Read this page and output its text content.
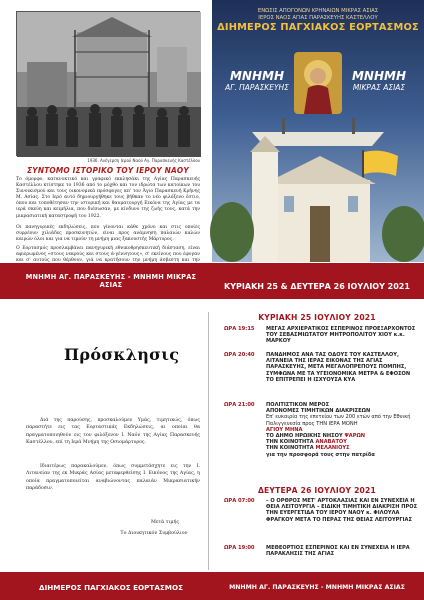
1936. Ανέγερση Ιερού Ναού Αγ. Παρασκευής Καστέλλου
ΣΥΝΤΟΜΟ ΙΣΤΟΡΙΚΟ ΤΟΥ ΙΕΡΟΥ ΝΑΟΥ
Το όμορφο, κατανυκτικό και γραφικό εκκλησάκι της Αγίας Παρασκευής Καστέλλου κτίστηκε το 1936 από το μόχθο και τον ιδρώτα των κατοίκων του Συνοικισμού και τους οικονομικά πρόσφυγες απ' τον Άγιο Παρασκευή Κρήνης Μ. Ασίας. Στο Ιερό αυτό δημιουργήθηκε τους βήθκαν το νέο φιλόξενο έστιο, όπου και τοποθέτησαν την ιστορική και θαυματουργή Εικόνα της Αγίας με τα ιερά σκεύη και κειμήλια, που διέσωσαν, με κίνδυνο της ζωής τους, κατά την μικρασιατική καταστροφή του 1922.
Οι πανηγυρικές εκδηλώσεις, που γίνονται κάθε χρόνο και στις οποίες συρρέουν χιλιάδες προσκυνητών, είναι προς ανάμνηση παλαιών καλών καιρών όλοι και για να τιμούν τη μνήμη μιας ξακουστής Μάρτυρος.
Ο Εορτασμός προσλαμβάνει πανηγυρική εθνικοθρησκευτική διάσταση, είναι αφιερωμένος «στους νεκρούς και στους ά-γέννητους», σ' εκείνους που έφυγαν και σ' αυτούς που θέρθουν, γιά να κρατήσουν την μνήμη άσβεστη και την
ΕΝΩΣΙΣ ΑΠΟΓΟΝΩΝ ΚΡΗΝΑΙΩΝ ΜΙΚΡΑΣ ΑΣΙΑΣ
ΙΕΡΟΣ ΝΑΟΣ ΑΓΙΑΣ ΠΑΡΑΣΚΕΥΗΣ ΚΑΣΤΕΛΛΟΥ
ΔΙΗΜΕΡΟΣ ΠΑΓΧΙΑΚΟΣ ΕΟΡΤΑΣΜΟΣ
ΜΝΗΜΗ
ΑΓ. ΠΑΡΑΣΚΕΥΗΣ
ΜΝΗΜΗ
ΜΙΚΡΑΣ ΑΣΙΑΣ
ΜΝΗΜΗ ΑΓ. ΠΑΡΑΣΚΕΥΗΣ - ΜΝΗΜΗ ΜΙΚΡΑΣ ΑΣΙΑΣ	ΚΥΡΙΑΚΗ 25 & ΔΕΥΤΕΡΑ 26 ΙΟΥΛΙΟΥ 2021
Πρόσκλησις
Διά της παρούσης, προσκαλούμεν Υμάς, τιμητικώς, όπως παραστήτε εις τας Εορταστικάς Εκδηλώσεις, αι οποίαι θα πραγματοποιηθούν εις τον φιλόξενον Ι. Ναόν της Αγίας Παρασκευής Καστέλλου, επί τη Ιερά Μνήμη της Οσιομάρτυρος.
Ιδιαιτέρως παρακαλούμεν, όπως συμμετάσχητε εις την Ι. Λιτανείαν της εκ Μικράς Ασίας μεταφερθείσης Ι. Εικόνος της Αγίας, η οποία πραγματοποιείται αναβιώνοντας παλαιάν Μικρασιατικήν παράδοσιν.
Μετά τιμής
Το Διοικητικόν Συμβούλιον
ΚΥΡΙΑΚΗ 25 ΙΟΥΛΙΟΥ 2021
ΩΡΑ 19:15 ΜΕΓΑΣ ΑΡΧΙΕΡΑΤΙΚΟΣ ΕΣΠΕΡΙΝΟΣ ΠΡΟΕΞΑΡΧΟΝΤΟΣ ΤΟΥ ΣΕΒΑΣΜΙΩΤΑΤΟΥ ΜΗΤΡΟΠΟΛΙΤΟΥ ΧΙΟΥ κ.κ. ΜΑΡΚΟΥ
ΩΡΑ 20:40 ΠΑΝΔΗΜΟΣ ΑΝΑ ΤΑΣ ΟΔΟΥΣ ΤΟΥ ΚΑΣΤΕΛΛΟΥ, ΛΙΤΑΝΕΙΑ ΤΗΣ ΙΕΡΑΣ ΕΙΚΟΝΑΣ ΤΗΣ ΑΓΙΑΣ ΠΑΡΑΣΚΕΥΗΣ, ΜΕΤΑ ΜΕΓΑΛΟΠΡΕΠΟΥΣ ΠΟΜΠΗΣ, ΣΥΜΦΩΝΑ ΜΕ ΤΑ ΥΓΕΙΟΝΟΜΙΚΑ ΜΕΤΡΑ & ΕΦΟΣΟΝ ΤΟ ΕΠΙΤΡΕΠΕΙ Η ΙΣΧΥΟΥΣΑ ΚΥΑ
ΩΡΑ 21:00 ΠΟΛΙΤΙΣΤΙΚΟΝ ΜΕΡΟΣ
ΑΠΟΝΟΜΕΣ ΤΙΜΗΤΙΚΩΝ ΔΙΑΚΡΙΣΕΩΝ
Επ' ευκαιρία της επετείου των 200 ετών από την Εθνική Παλιγγενεσία προς ΤΗΝ ΙΕΡΑ ΜΟΝΗ
ΑΓΙΟΥ ΜΗΝΑ
ΤΟ ΔΗΜΟ ΗΡΩΙΚΗΣ ΝΗΣΟΥ ΨΑΡΩΝ
ΤΗΝ ΚΟΙΝΟΤΗΤΑ ΑΝΑΒΑΤΟΥ
ΤΗΝ ΚΟΙΝΟΤΗΤΑ ΜΕΛΑΝΙΟΥΣ
για την προσφορά τους στην πατρίδα
ΔΕΥΤΕΡΑ 26 ΙΟΥΛΙΟΥ 2021
ΩΡΑ 07:00 – Ο ΟΡΘΡΟΣ ΜΕΤ' ΑΡΤΟΚΛΑΣΙΑΣ ΚΑΙ ΕΝ ΣΥΝΕΧΕΙΑ Η ΘΕΙΑ ΛΕΙΤΟΥΡΓΙΑ – ΕΙΔΙΚΗ ΤΙΜΗΤΙΚΗ ΔΙΑΚΡΙΣΗ ΠΡΟΣ ΤΗΝ ΕΥΕΡΓΕΤΙΔΑ ΤΟΥ ΙΕΡΟΥ ΝΑΟΥ κ. ΦΙΛΟΥΛΑ ΦΡΑΓΚΟΥ ΜΕΤΑ ΤΟ ΠΕΡΑΣ ΤΗΣ ΘΕΙΑΣ ΛΕΙΤΟΥΡΓΙΑΣ
ΩΡΑ 19:00 ΜΕΘΕΟΡΤΙΟΣ ΕΣΠΕΡΙΝΟΣ ΚΑΙ ΕΝ ΣΥΝΕΧΕΙΑ Η ΙΕΡΑ ΠΑΡΑΚΛΗΣΙΣ ΤΗΣ ΑΓΙΑΣ
ΔΙΗΜΕΡΟΣ ΠΑΓΧΙΑΚΟΣ ΕΟΡΤΑΣΜΟΣ	ΜΝΗΜΗ ΑΓ. ΠΑΡΑΣΚΕΥΗΣ - ΜΝΗΜΗ ΜΙΚΡΑΣ ΑΣΙΑΣ
